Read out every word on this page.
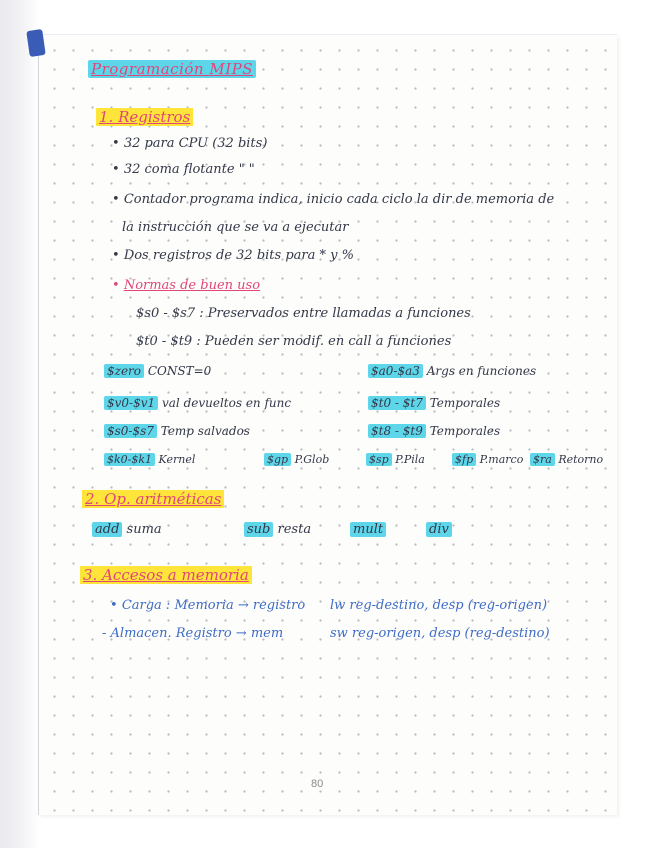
Programación MIPS
1. Registros
• 32 para CPU (32 bits)
• 32 coma flotante " "
• Contador programa indica, inicio cada ciclo la dir de memoria de
la instrucción que se va a ejecutar
• Dos registros de 32 bits para * y %
• Normas de buen uso
$s0 - $s7 : Preservados entre llamadas a funciones
$t0 - $t9 : Pueden ser modif. en call a funciones
$zero CONST=0	$a0-$a3 Args en funciones
$v0-$v1 val devueltos en func	$t0 - $t7 Temporales
$s0-$s7 Temp salvados	$t8 - $t9 Temporales
$k0-$k1 Kernel	$gp P.Glob	$sp P.Pila	$fp P.marco $ra Retorno
2. Op. aritméticas
add suma	sub resta	mult	div
3. Accesos a memoria
• Carga : Memoria → registro lw reg-destino, desp (reg-origen)
- Almacen. Registro → mem	sw reg-origen, desp (reg-destino)
80
